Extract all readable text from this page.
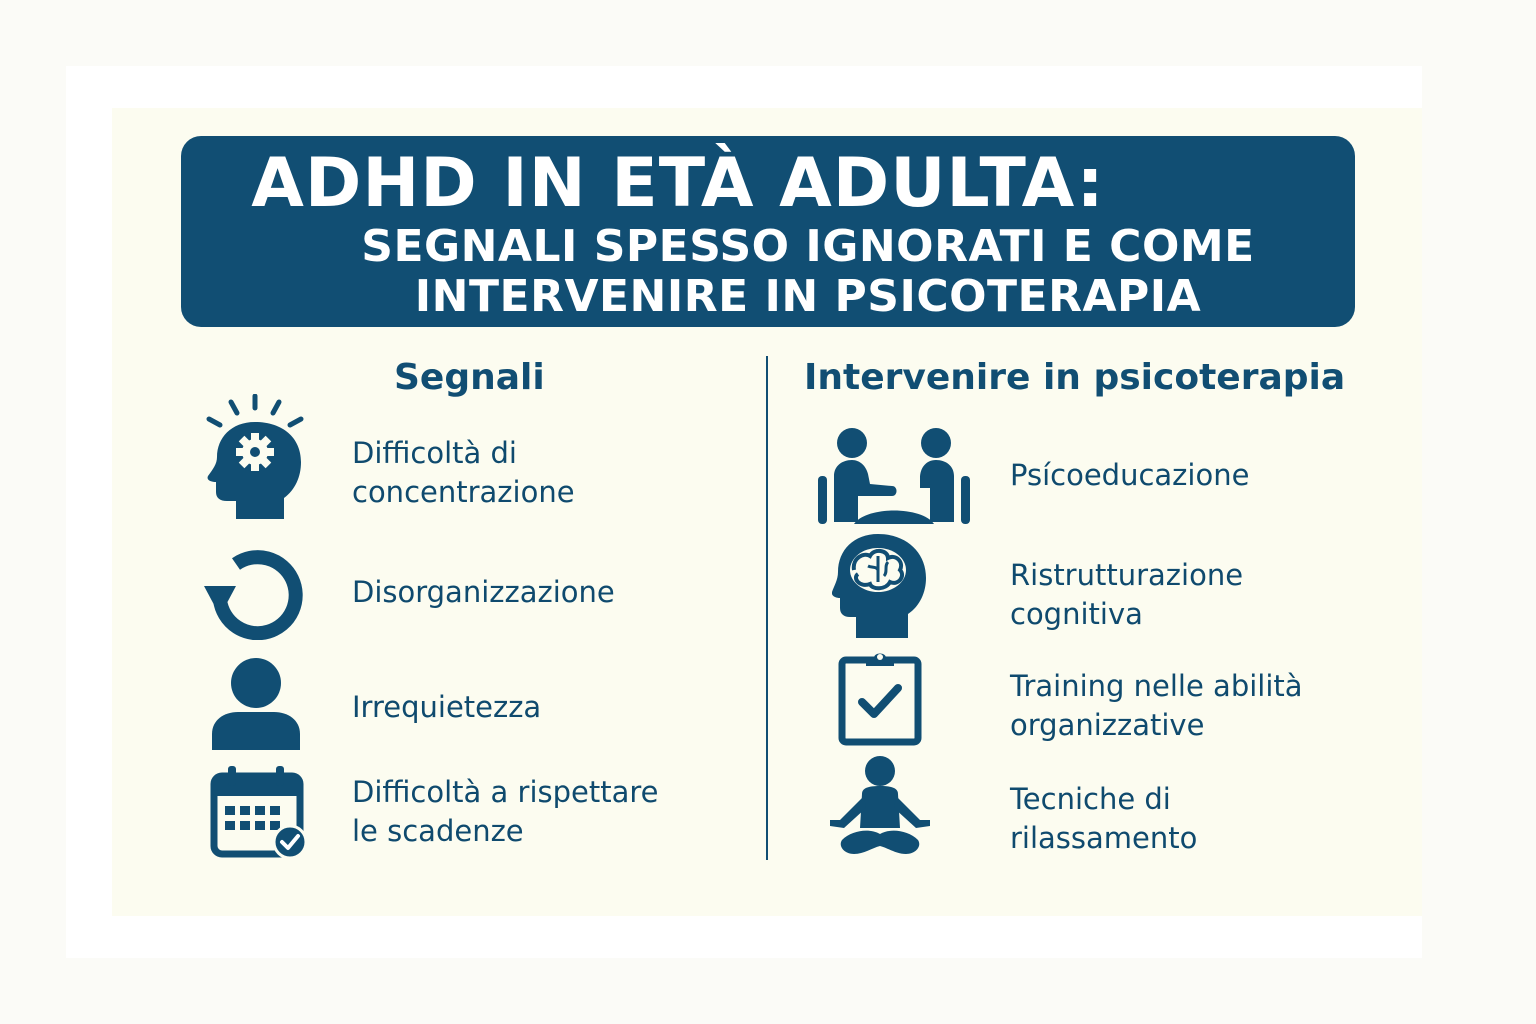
ADHD IN ETÀ ADULTA:
SEGNALI SPESSO IGNORATI E COME
INTERVENIRE IN PSICOTERAPIA
Segnali
Difficoltà di
concentrazione
Disorganizzazione
Irrequietezza
Difficoltà a rispettare
le scadenze
Intervenire in psicoterapia
Psícoeducazione
Ristrutturazione
cognitiva
Training nelle abilità
organizzative
Tecniche di
rilassamento
